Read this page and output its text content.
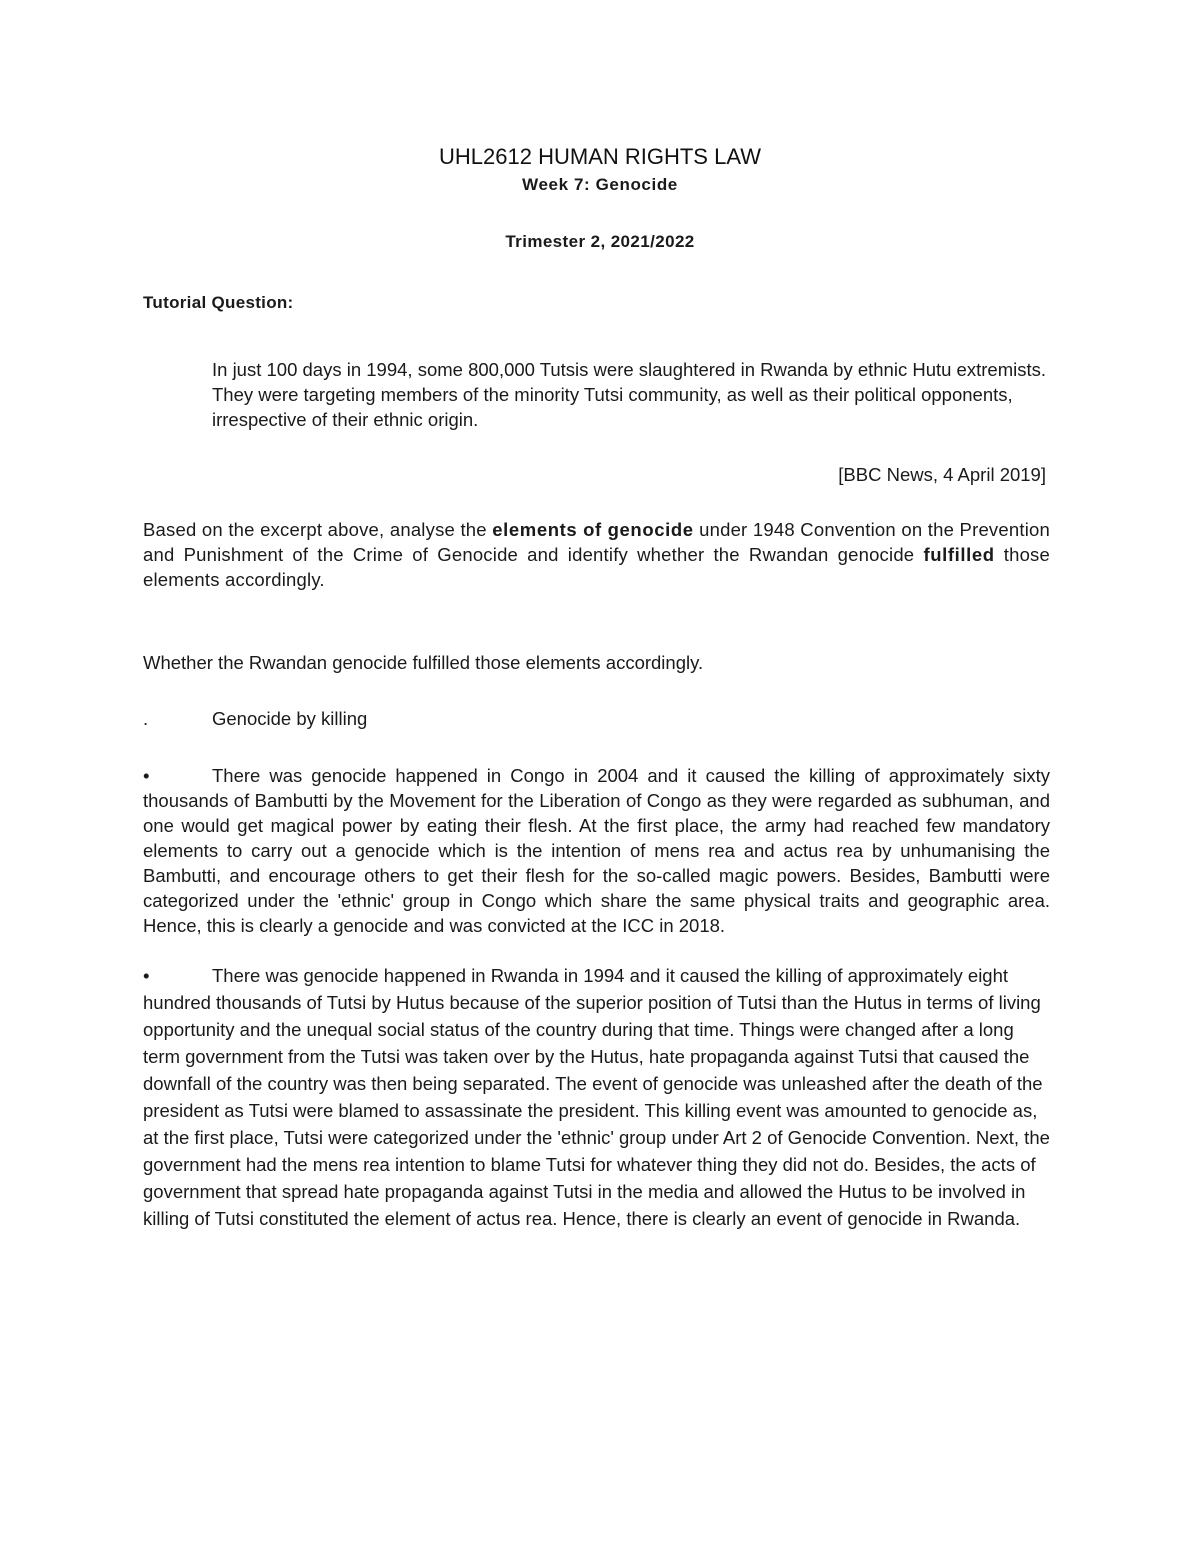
UHL2612 HUMAN RIGHTS LAW
Week 7: Genocide
Trimester 2, 2021/2022
Tutorial Question:

In just 100 days in 1994, some 800,000 Tutsis were slaughtered in Rwanda by ethnic Hutu extremists. They were targeting members of the minority Tutsi community, as well as their political opponents, irrespective of their ethnic origin.

[BBC News, 4 April 2019]

Based on the excerpt above, analyse the elements of genocide under 1948 Convention on the Prevention and Punishment of the Crime of Genocide and identify whether the Rwandan genocide fulfilled those elements accordingly.

Whether the Rwandan genocide fulfilled those elements accordingly.
.	Genocide by killing

•	There was genocide happened in Congo in 2004 and it caused the killing of approximately sixty thousands of Bambutti by the Movement for the Liberation of Congo as they were regarded as subhuman, and one would get magical power by eating their flesh. At the first place, the army had reached few mandatory elements to carry out a genocide which is the intention of mens rea and actus rea by unhumanising the Bambutti, and encourage others to get their flesh for the so-called magic powers. Besides, Bambutti were categorized under the 'ethnic' group in Congo which share the same physical traits and geographic area. Hence, this is clearly a genocide and was convicted at the ICC in 2018.

•	There was genocide happened in Rwanda in 1994 and it caused the killing of approximately eight hundred thousands of Tutsi by Hutus because of the superior position of Tutsi than the Hutus in terms of living opportunity and the unequal social status of the country during that time. Things were changed after a long term government from the Tutsi was taken over by the Hutus, hate propaganda against Tutsi that caused the downfall of the country was then being separated. The event of genocide was unleashed after the death of the president as Tutsi were blamed to assassinate the president. This killing event was amounted to genocide as, at the first place, Tutsi were categorized under the 'ethnic' group under Art 2 of Genocide Convention. Next, the government had the mens rea intention to blame Tutsi for whatever thing they did not do. Besides, the acts of government that spread hate propaganda against Tutsi in the media and allowed the Hutus to be involved in killing of Tutsi constituted the element of actus rea. Hence, there is clearly an event of genocide in Rwanda.
